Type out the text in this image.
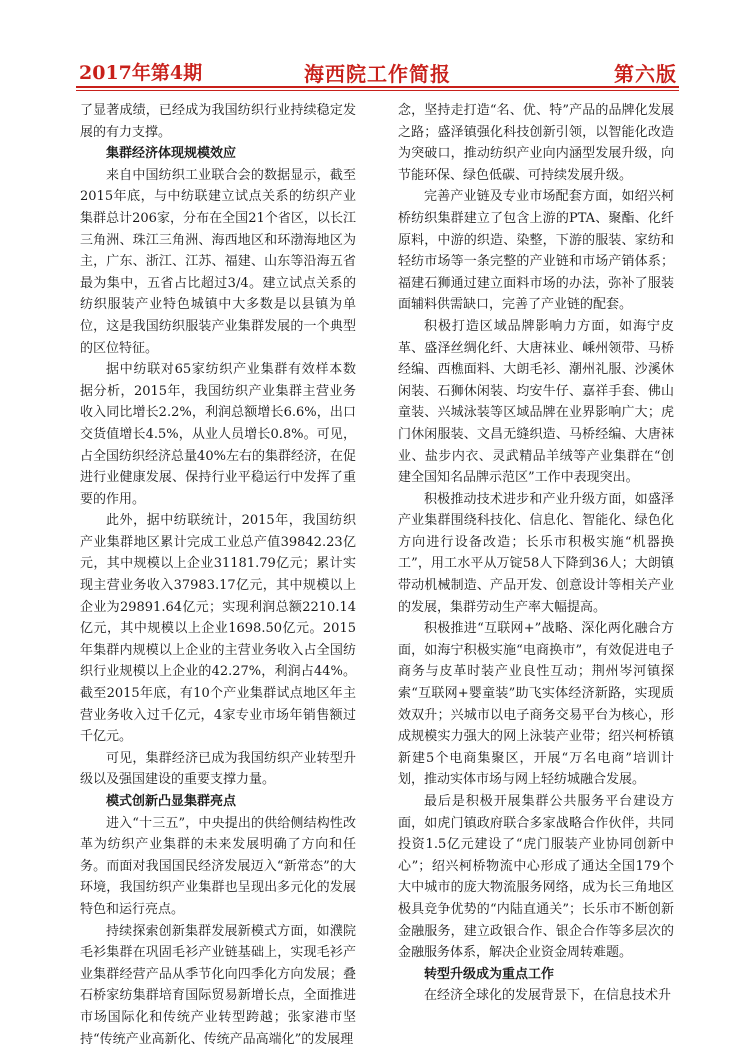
2017年第4期	海西院工作简报	第六版

了显著成绩，已经成为我国纺织行业持续稳定发展的有力支撑。

集群经济体现规模效应

来自中国纺织工业联合会的数据显示，截至2015年底，与中纺联建立试点关系的纺织产业集群总计206家，分布在全国21个省区，以长江三角洲、珠江三角洲、海西地区和环渤海地区为主，广东、浙江、江苏、福建、山东等沿海五省最为集中，五省占比超过3/4。建立试点关系的纺织服装产业特色城镇中大多数是以县镇为单位，这是我国纺织服装产业集群发展的一个典型的区位特征。

据中纺联对65家纺织产业集群有效样本数据分析，2015年，我国纺织产业集群主营业务收入同比增长2.2%，利润总额增长6.6%，出口交货值增长4.5%，从业人员增长0.8%。可见，占全国纺织经济总量40%左右的集群经济，在促进行业健康发展、保持行业平稳运行中发挥了重要的作用。

此外，据中纺联统计，2015年，我国纺织产业集群地区累计完成工业总产值39842.23亿元，其中规模以上企业31181.79亿元；累计实现主营业务收入37983.17亿元，其中规模以上企业为29891.64亿元；实现利润总额2210.14亿元，其中规模以上企业1698.50亿元。2015年集群内规模以上企业的主营业务收入占全国纺织行业规模以上企业的42.27%，利润占44%。截至2015年底，有10个产业集群试点地区年主营业务收入过千亿元，4家专业市场年销售额过千亿元。

可见，集群经济已成为我国纺织产业转型升级以及强国建设的重要支撑力量。

模式创新凸显集群亮点

进入“十三五”，中央提出的供给侧结构性改革为纺织产业集群的未来发展明确了方向和任务。而面对我国国民经济发展迈入“新常态”的大环境，我国纺织产业集群也呈现出多元化的发展特色和运行亮点。

持续探索创新集群发展新模式方面，如濮院毛衫集群在巩固毛衫产业链基础上，实现毛衫产业集群经营产品从季节化向四季化方向发展；叠石桥家纺集群培育国际贸易新增长点，全面推进市场国际化和传统产业转型跨越；张家港市坚持“传统产业高新化、传统产品高端化”的发展理

念，坚持走打造“名、优、特”产品的品牌化发展之路；盛泽镇强化科技创新引领，以智能化改造为突破口，推动纺织产业向内涵型发展升级，向节能环保、绿色低碳、可持续发展升级。

完善产业链及专业市场配套方面，如绍兴柯桥纺织集群建立了包含上游的PTA、聚酯、化纤原料，中游的织造、染整，下游的服装、家纺和轻纺市场等一条完整的产业链和市场产销体系；福建石狮通过建立面料市场的办法，弥补了服装面辅料供需缺口，完善了产业链的配套。

积极打造区域品牌影响力方面，如海宁皮革、盛泽丝绸化纤、大唐袜业、嵊州领带、马桥经编、西樵面料、大朗毛衫、潮州礼服、沙溪休闲装、石狮休闲装、均安牛仔、嘉祥手套、佛山童装、兴城泳装等区域品牌在业界影响广大；虎门休闲服装、文昌无缝织造、马桥经编、大唐袜业、盐步内衣、灵武精品羊绒等产业集群在“创建全国知名品牌示范区”工作中表现突出。

积极推动技术进步和产业升级方面，如盛泽产业集群围绕科技化、信息化、智能化、绿色化方向进行设备改造；长乐市积极实施“机器换工”，用工水平从万锭58人下降到36人；大朗镇带动机械制造、产品开发、创意设计等相关产业的发展，集群劳动生产率大幅提高。

积极推进“互联网+”战略、深化两化融合方面，如海宁积极实施“电商换市”，有效促进电子商务与皮革时装产业良性互动；荆州岑河镇探索“互联网+婴童装”助飞实体经济新路，实现质效双升；兴城市以电子商务交易平台为核心，形成规模实力强大的网上泳装产业带；绍兴柯桥镇新建5个电商集聚区，开展“万名电商”培训计划，推动实体市场与网上轻纺城融合发展。

最后是积极开展集群公共服务平台建设方面，如虎门镇政府联合多家战略合作伙伴，共同投资1.5亿元建设了“虎门服装产业协同创新中心”；绍兴柯桥物流中心形成了通达全国179个大中城市的庞大物流服务网络，成为长三角地区极具竞争优势的“内陆直通关”；长乐市不断创新金融服务，建立政银合作、银企合作等多层次的金融服务体系，解决企业资金周转难题。

转型升级成为重点工作

在经济全球化的发展背景下，在信息技术升
